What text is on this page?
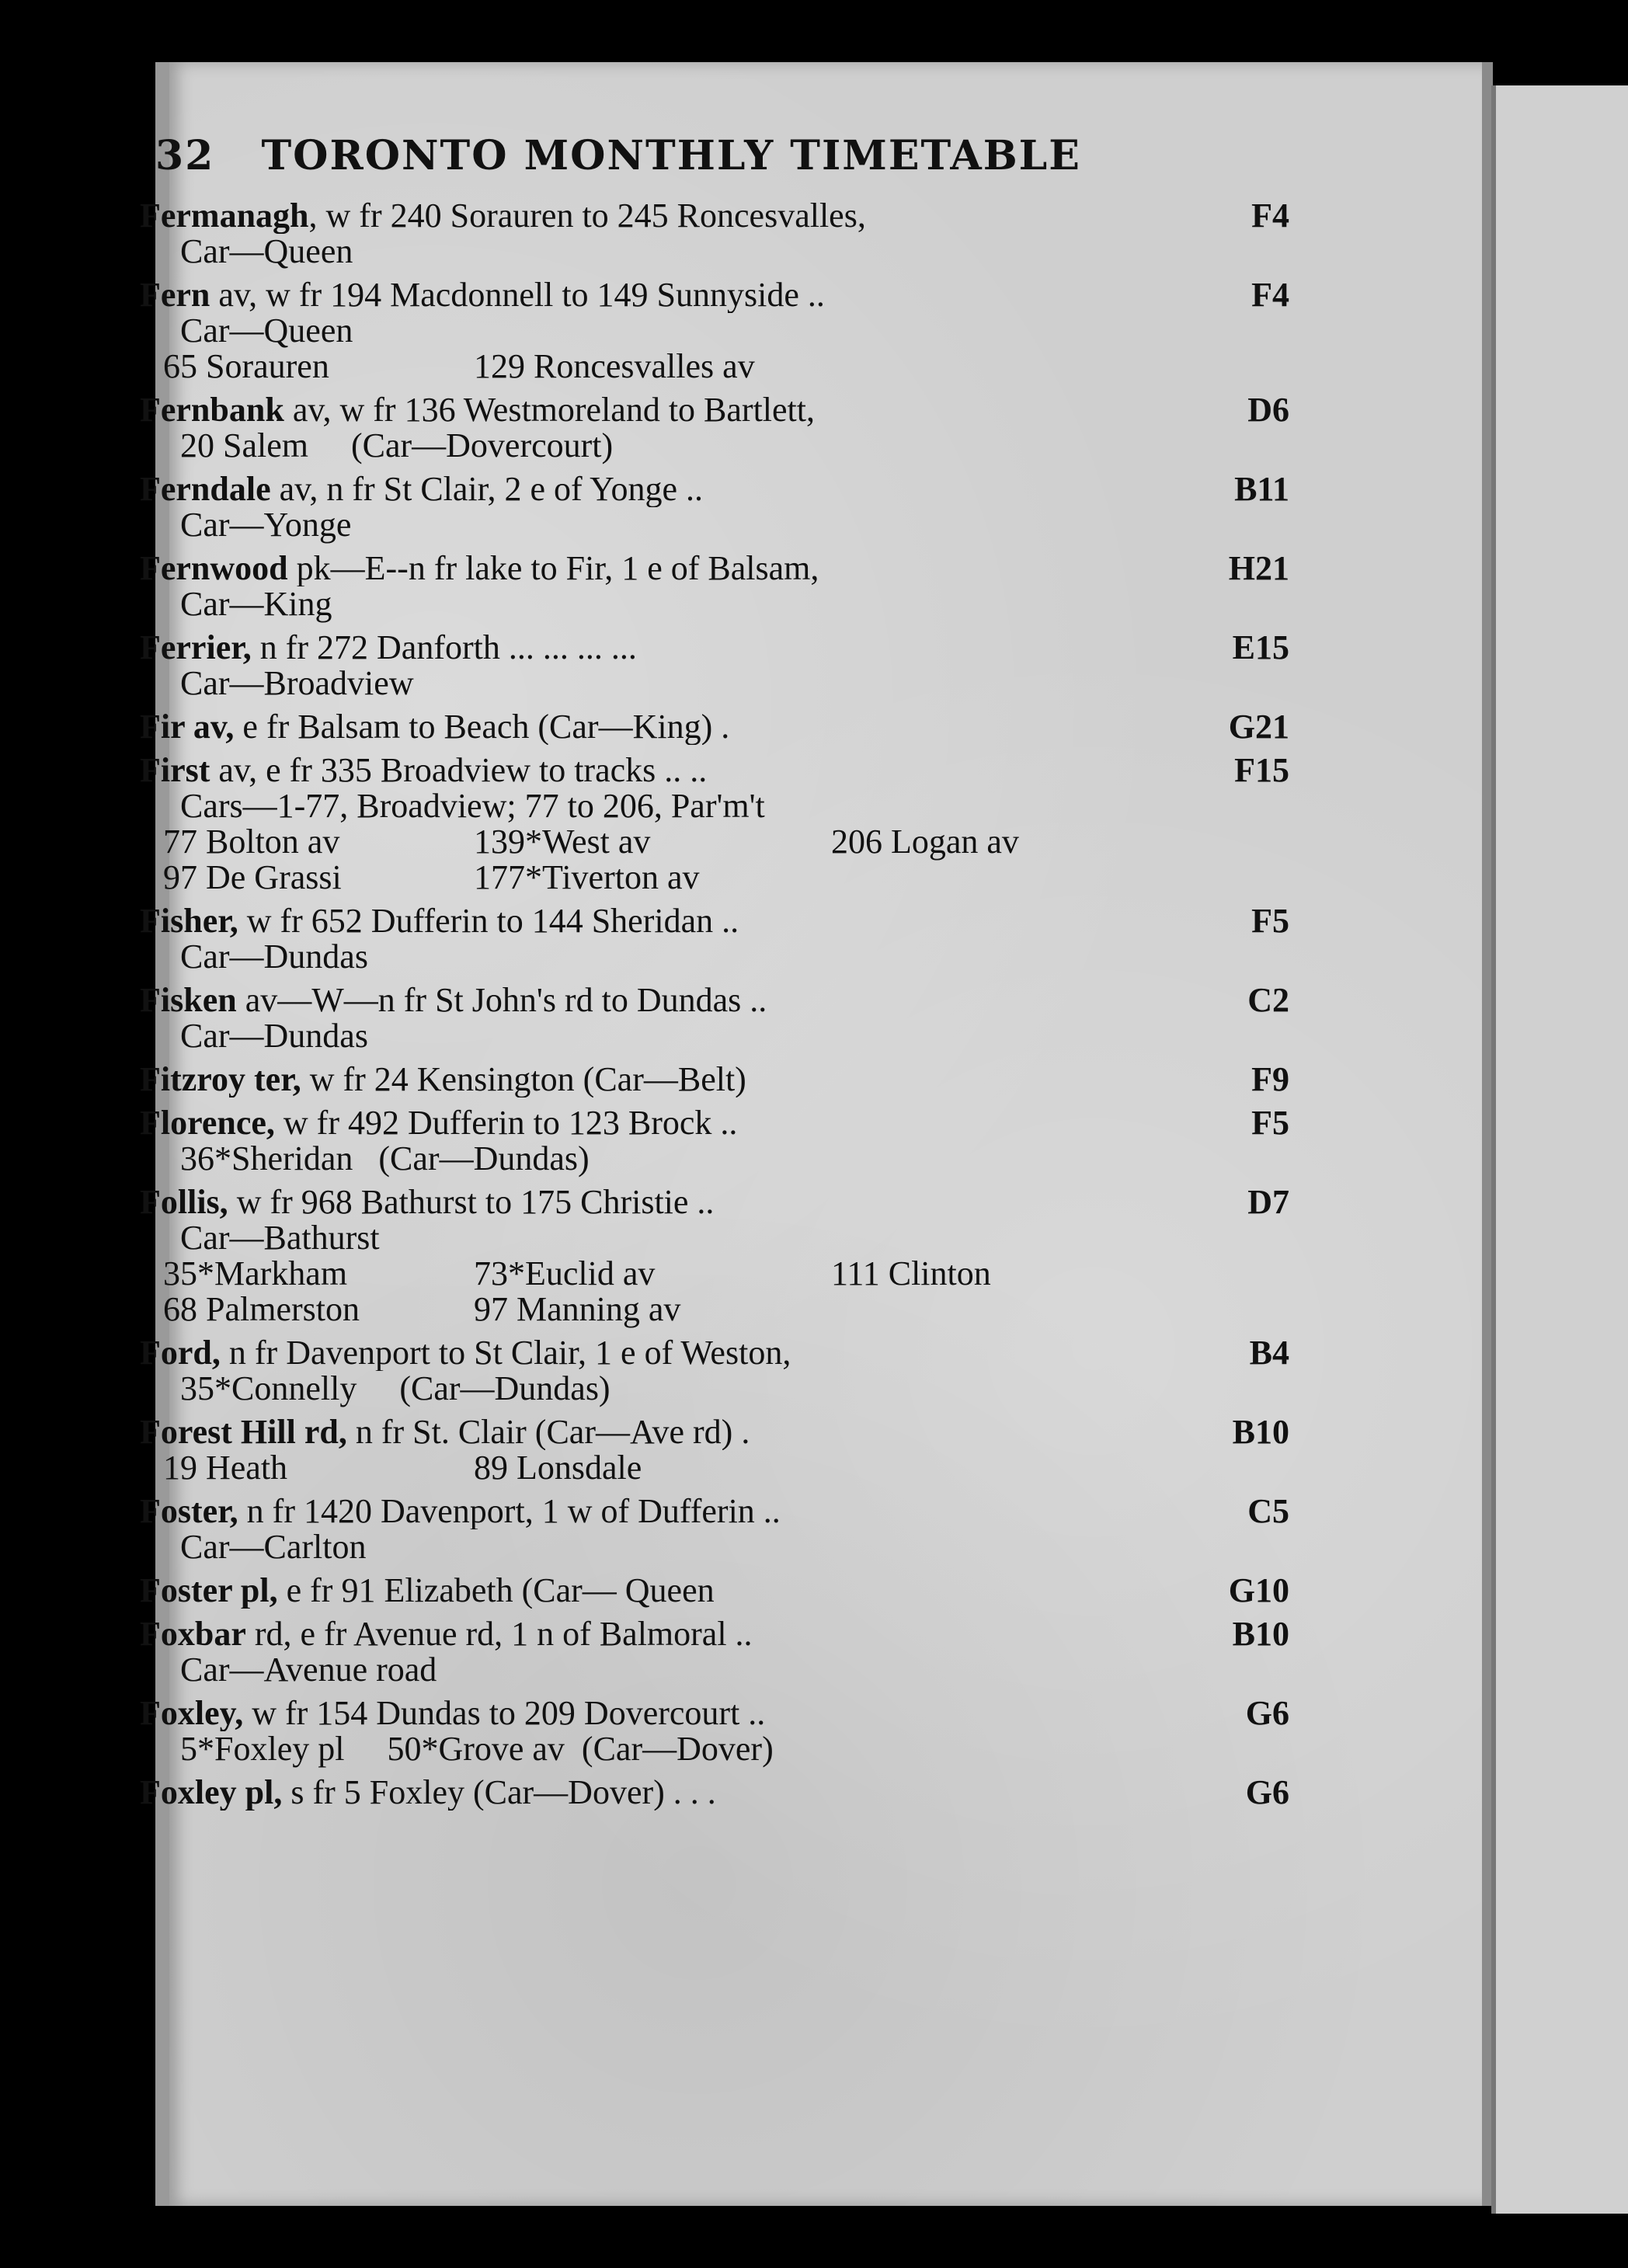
32 TORONTO MONTHLY TIMETABLE
Fermanagh, w fr 240 Sorauren to 245 Roncesvalles,	F4
Car—Queen
Fern av, w fr 194 Macdonnell to 149 Sunnyside ..	F4
Car—Queen
65 Sorauren	129 Roncesvalles av
Fernbank av, w fr 136 Westmoreland to Bartlett,	D6
20 Salem     (Car—Dovercourt)
Ferndale av, n fr St Clair, 2 e of Yonge ..	B11
Car—Yonge
Fernwood pk—E--n fr lake to Fir, 1 e of Balsam,	H21
Car—King
Ferrier, n fr 272 Danforth ... ... ... ...	E15
Car—Broadview
Fir av, e fr Balsam to Beach (Car—King) .	G21
First av, e fr 335 Broadview to tracks .. ..	F15
Cars—1-77, Broadview; 77 to 206, Par'm't
77 Bolton av	139*West av	206 Logan av
97 De Grassi	177*Tiverton av
Fisher, w fr 652 Dufferin to 144 Sheridan ..	F5
Car—Dundas
Fisken av—W—n fr St John's rd to Dundas ..	C2
Car—Dundas
Fitzroy ter, w fr 24 Kensington (Car—Belt)	F9
Florence, w fr 492 Dufferin to 123 Brock ..	F5
36*Sheridan   (Car—Dundas)
Follis, w fr 968 Bathurst to 175 Christie ..	D7
Car—Bathurst
35*Markham	73*Euclid av	111 Clinton
68 Palmerston	97 Manning av
Ford, n fr Davenport to St Clair, 1 e of Weston,	B4
35*Connelly     (Car—Dundas)
Forest Hill rd, n fr St. Clair (Car—Ave rd) .	B10
19 Heath	89 Lonsdale
Foster, n fr 1420 Davenport, 1 w of Dufferin ..	C5
Car—Carlton
Foster pl, e fr 91 Elizabeth (Car— Queen	G10
Foxbar rd, e fr Avenue rd, 1 n of Balmoral ..	B10
Car—Avenue road
Foxley, w fr 154 Dundas to 209 Dovercourt ..	G6
5*Foxley pl     50*Grove av  (Car—Dover)
Foxley pl, s fr 5 Foxley (Car—Dover) . . .	G6
